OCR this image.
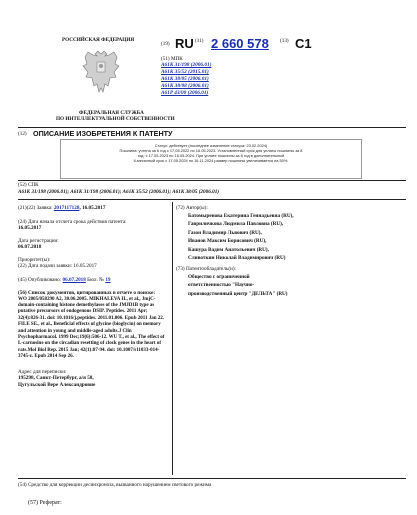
РОССИЙСКАЯ ФЕДЕРАЦИЯ
ФЕДЕРАЛЬНАЯ СЛУЖБА
ПО ИНТЕЛЛЕКТУАЛЬНОЙ СОБСТВЕННОСТИ
(19) RU (11) 2 660 578 (13) C1
(51) МПК
A61K 31/198 (2006.01)
A61K 35/52 (2015.01)
A61K 38/05 (2006.01)
A61K 38/08 (2006.01)
A61P 43/00 (2006.01)
(12) ОПИСАНИЕ ИЗОБРЕТЕНИЯ К ПАТЕНТУ
Статус: действует (последнее изменение статуса: 23.02.2024)
Пошлина: учтена за 6 год с 17.05.2022 по 16.05.2023. Установленный срок для уплаты пошлины за 8
год: с 17.05.2023 по 16.05.2024. При уплате пошлины за 8 год в дополнительный
6-месячный срок с 17.05.2024 по 16.11.2024 размер пошлины увеличивается на 50%.
(52) СПК
A61K 31/198 (2006.01); A61K 31/198 (2006.01); A61K 35/52 (2006.01); A61K 38/05 (2006.01)

(21)(22) Заявка: 2017117128, 16.05.2017

(24) Дата начала отсчета срока действия патента:

16.05.2017

Дата регистрации:

06.07.2018

Приоритет(ы):

(22) Дата подачи заявки: 16.05.2017

(45) Опубликовано: 06.07.2018 Бюл. № 19

(56) Список документов, цитированных в отчете о поиске:

WO 2005/058290 A2, 30.06.2005. MIKHALEVA II., et al., JmjC-domain-containing histone demethylases of the JMJD1B type as putative precursors of endogenous DSIP. Peptides. 2011 Apr; 32(4):826-31. doi: 10.1016/j.peptides. 2011.01.006. Epub 2011 Jan 22. FILE SE., et al., Beneficial effects of glycine (bioglycin) on memory and attention in young and middle-aged adults.J Clin Psychopharmacol. 1999 Dec;19(6):506-12. WU T., et al., The effect of L-carnosine on the circadian resetting of clock genes in the heart of rats.Mol Biol Rep. 2015 Jan; 42(1):87-94. doi: 10.1007/s11033-014-3745-z. Epub 2014 Sep 26.

Адрес для переписки:

195298, Санкт-Петербург, а/я 58,

Цугульской Вере Александровне

(72) Автор(ы):

Батомыренова Екатерина Геннадьевна (RU),
Гавриличкова Людмила Павловна (RU),
Газон Владимир Львович (RU),
Иванов Максим Борисович (RU),
Кашура Вадим Анатольевич (RU),
Сливоткин Николай Владимирович (RU)

(73) Патентообладатель(и):

Общество с ограниченной
ответственностью "Научно-
производственный центр "ДЕЛЬТА" (RU)
(54) Средство для коррекции десинхроноза, вызванного нарушением светового режима
(57) Реферат:
